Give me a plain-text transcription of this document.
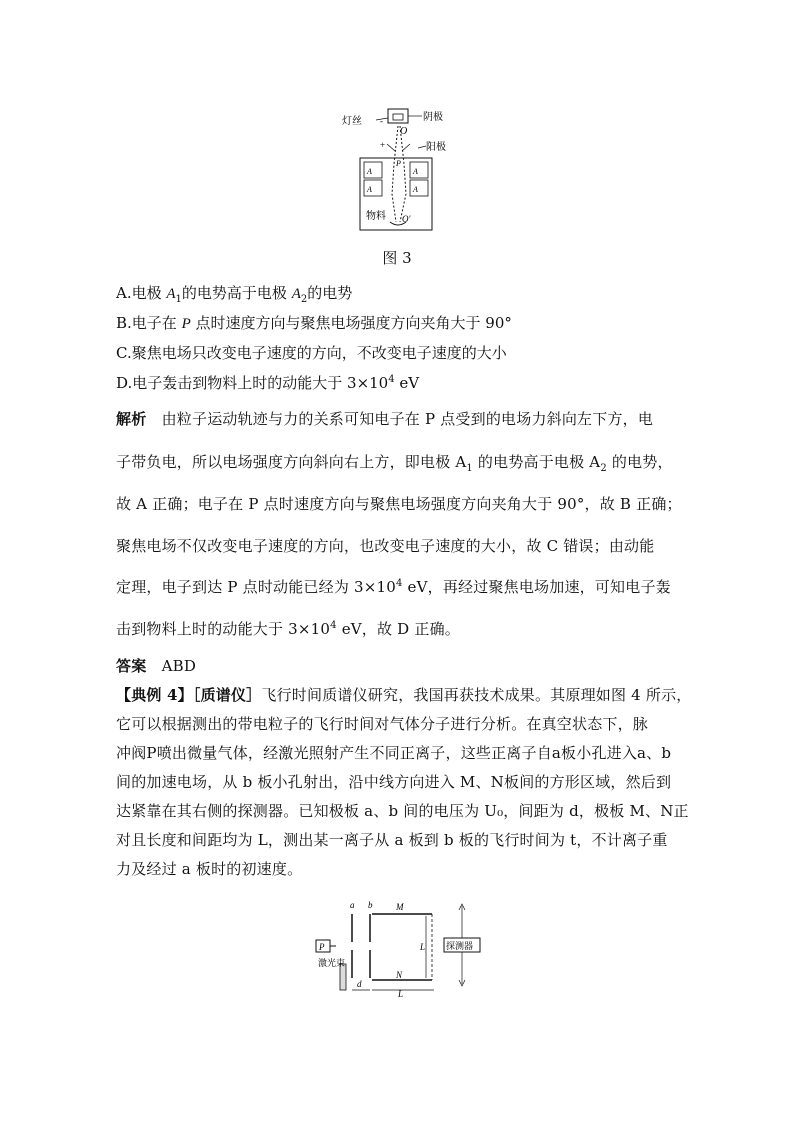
灯丝	阴极
阳极
O
+
-
A
A
A
A
P
物料 O′
图 3
A.电极 $A_1$的电势高于电极 $A_2$的电势
B.电子在 P 点时速度方向与聚焦电场强度方向夹角大于 90°
C.聚焦电场只改变电子速度的方向，不改变电子速度的大小
D.电子轰击到物料上时的动能大于 $3\times 10^4$ eV
解析　由粒子运动轨迹与力的关系可知电子在 P 点受到的电场力斜向左下方，电
子带负电，所以电场强度方向斜向右上方，即电极 $A_1$ 的电势高于电极 $A_2$ 的电势，
故 A 正确；电子在 P 点时速度方向与聚焦电场强度方向夹角大于 90°，故 B 正确；
聚焦电场不仅改变电子速度的方向，也改变电子速度的大小，故 C 错误；由动能
定理，电子到达 P 点时动能已经为 $3\times 10^4$ eV，再经过聚焦电场加速，可知电子轰
击到物料上时的动能大于 $3\times 10^4$ eV，故 D 正确。
答案　 ABD
【典例 4】［质谱仪］飞行时间质谱仪研究，我国再获技术成果。其原理如图 4 所示，
它可以根据测出的带电粒子的飞行时间对气体分子进行分析。在真空状态下，脉
冲阀P喷出微量气体，经激光照射产生不同正离子，这些正离子自a板小孔进入a、b
间的加速电场，从 b 板小孔射出，沿中线方向进入 M、N板间的方形区域，然后到
达紧靠在其右侧的探测器。已知极板 a、b 间的电压为 U₀，间距为 d，极板 M、N正
对且长度和间距均为 L，测出某一离子从 a 板到 b 板的飞行时间为 t，不计离子重
力及经过 a 板时的初速度。
a b	M
N
P	L 探测器
激光束
d
L
